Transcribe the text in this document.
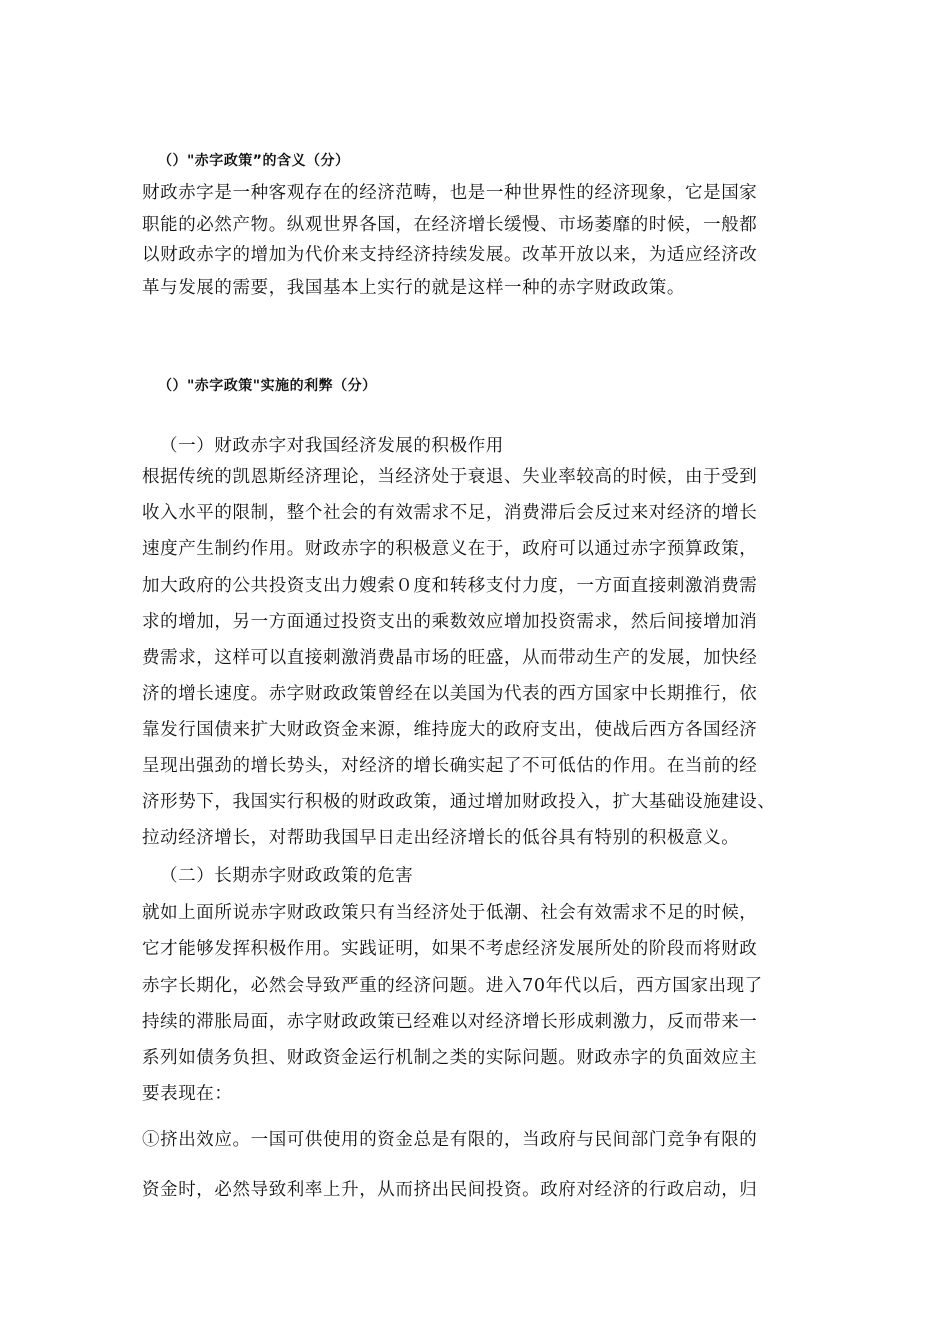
（）"赤字政策”的含义（分）
财政赤字是一种客观存在的经济范畴，也是一种世界性的经济现象，它是国家
职能的必然产物。纵观世界各国，在经济增长缓慢、市场萎靡的时候，一般都
以财政赤字的增加为代价来支持经济持续发展。改革开放以来，为适应经济改
革与发展的需要，我国基本上实行的就是这样一种的赤字财政政策。
（）"赤字政策"实施的利弊（分）
（一）财政赤字对我国经济发展的积极作用
根据传统的凯恩斯经济理论，当经济处于衰退、失业率较高的时候，由于受到
收入水平的限制，整个社会的有效需求不足，消费滞后会反过来对经济的增长
速度产生制约作用。财政赤字的积极意义在于，政府可以通过赤字预算政策，
加大政府的公共投资支出力嫂索０度和转移支付力度，一方面直接刺激消费需
求的增加，另一方面通过投资支出的乘数效应增加投资需求，然后间接增加消
费需求，这样可以直接刺激消费晶市场的旺盛，从而带动生产的发展，加快经
济的增长速度。赤字财政政策曾经在以美国为代表的西方国家中长期推行，依
靠发行国债来扩大财政资金来源，维持庞大的政府支出，使战后西方各国经济
呈现出强劲的增长势头，对经济的增长确实起了不可低估的作用。在当前的经
济形势下，我国实行积极的财政政策，通过增加财政投入，扩大基础设施建设、
拉动经济增长，对帮助我国早日走出经济增长的低谷具有特别的积极意义。
（二）长期赤字财政政策的危害
就如上面所说赤字财政政策只有当经济处于低潮、社会有效需求不足的时候，
它才能够发挥积极作用。实践证明，如果不考虑经济发展所处的阶段而将财政
赤字长期化，必然会导致严重的经济问题。进入70年代以后，西方国家出现了
持续的滞胀局面，赤字财政政策已经难以对经济增长形成刺激力，反而带来一
系列如债务负担、财政资金运行机制之类的实际问题。财政赤字的负面效应主
要表现在：
①挤出效应。一国可供使用的资金总是有限的，当政府与民间部门竞争有限的
资金时，必然导致利率上升，从而挤出民间投资。政府对经济的行政启动，归
